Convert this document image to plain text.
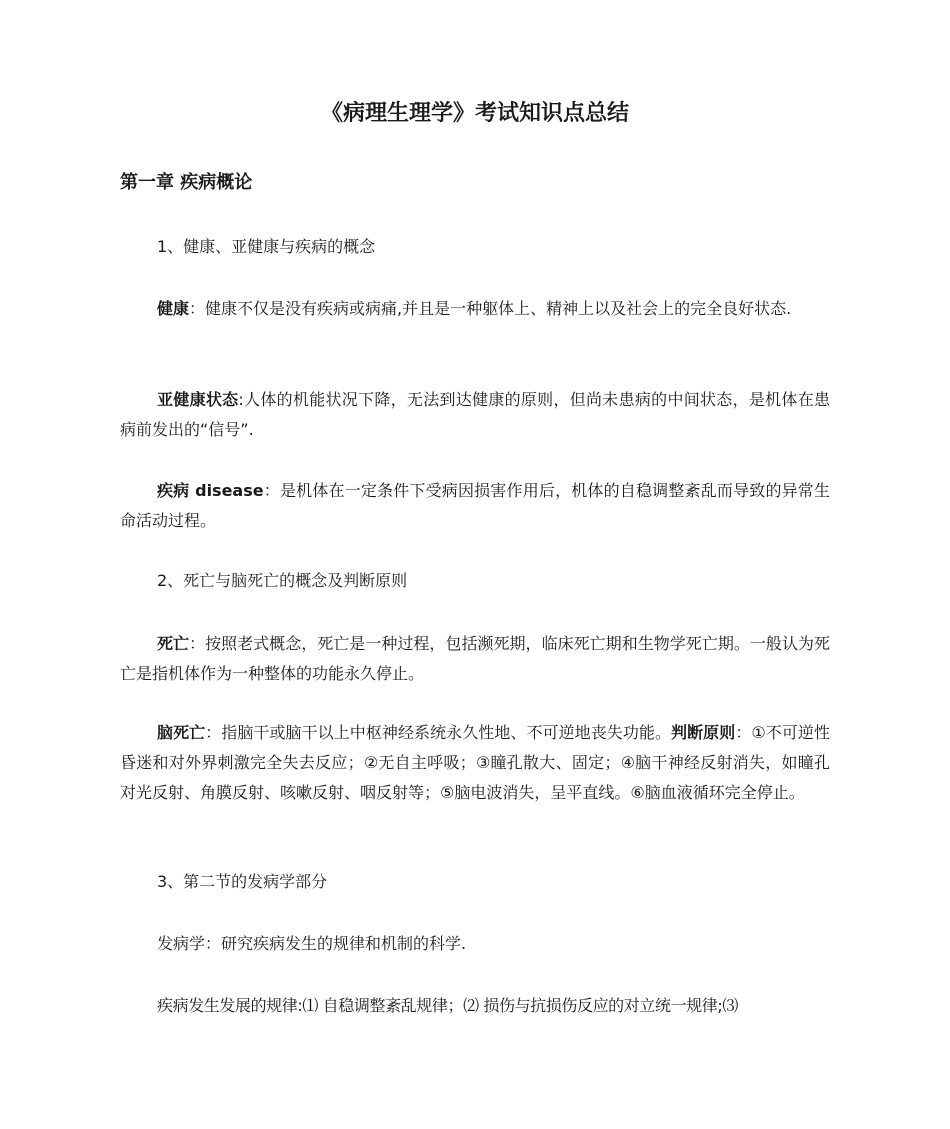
《病理生理学》考试知识点总结
第一章 疾病概论

1、健康、亚健康与疾病的概念

健康：健康不仅是没有疾病或病痛,并且是一种躯体上、精神上以及社会上的完全良好状态.

亚健康状态:人体的机能状况下降，无法到达健康的原则，但尚未患病的中间状态，是机体在患病前发出的“信号”.

疾病 disease：是机体在一定条件下受病因损害作用后，机体的自稳调整紊乱而导致的异常生命活动过程。

2、死亡与脑死亡的概念及判断原则

死亡：按照老式概念，死亡是一种过程，包括濒死期，临床死亡期和生物学死亡期。一般认为死亡是指机体作为一种整体的功能永久停止。

脑死亡：指脑干或脑干以上中枢神经系统永久性地、不可逆地丧失功能。判断原则：①不可逆性昏迷和对外界刺激完全失去反应；②无自主呼吸；③瞳孔散大、固定；④脑干神经反射消失，如瞳孔对光反射、角膜反射、咳嗽反射、咽反射等；⑤脑电波消失，呈平直线。⑥脑血液循环完全停止。

3、第二节的发病学部分

发病学：研究疾病发生的规律和机制的科学.

疾病发生发展的规律:⑴ 自稳调整紊乱规律；⑵ 损伤与抗损伤反应的对立统一规律;⑶
